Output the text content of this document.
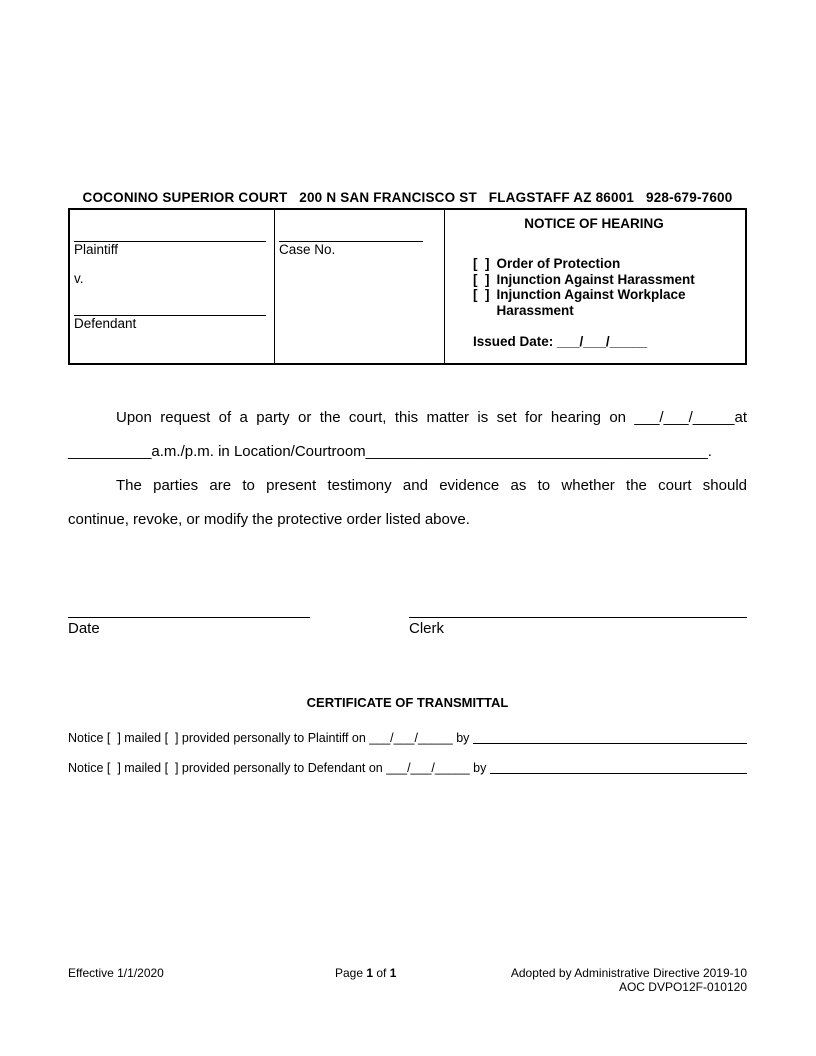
COCONINO SUPERIOR COURT   200 N SAN FRANCISCO ST   FLAGSTAFF AZ 86001   928-679-7600
Plaintiff
v.
Defendant
Case No.
NOTICE OF HEARING
[  ] Order of Protection
[  ] Injunction Against Harassment
[  ] Injunction Against Workplace Harassment
Issued Date: ___/___/_____
Upon request of a party or the court, this matter is set for hearing on ___/___/_____at
__________a.m./p.m. in Location/Courtroom_________________________________________.
The parties are to present testimony and evidence as to whether the court should
continue, revoke, or modify the protective order listed above.
Date	Clerk
CERTIFICATE OF TRANSMITTAL
Notice [  ] mailed [  ] provided personally to Plaintiff on ___/___/_____ by
Notice [  ] mailed [  ] provided personally to Defendant on ___/___/_____ by
Effective 1/1/2020	Page 1 of 1	Adopted by Administrative Directive 2019-10
AOC DVPO12F-010120
